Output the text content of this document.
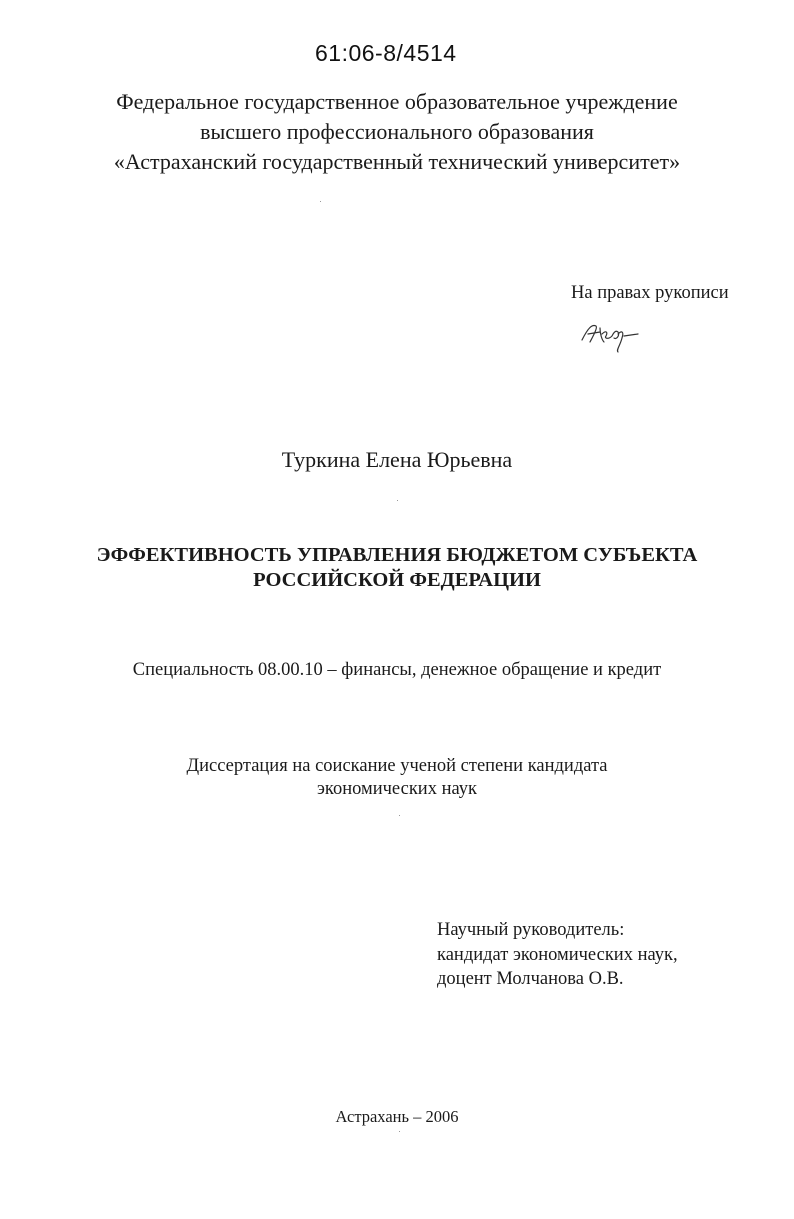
61:06-8/4514
Федеральное государственное образовательное учреждение
высшего профессионального образования
«Астраханский государственный технический университет»
На правах рукописи
Туркина Елена Юрьевна
ЭФФЕКТИВНОСТЬ УПРАВЛЕНИЯ БЮДЖЕТОМ СУБЪЕКТА
РОССИЙСКОЙ ФЕДЕРАЦИИ
Специальность 08.00.10 – финансы, денежное обращение и кредит
Диссертация на соискание ученой степени кандидата
экономических наук
Научный руководитель:
кандидат экономических наук,
доцент Молчанова О.В.
Астрахань – 2006
